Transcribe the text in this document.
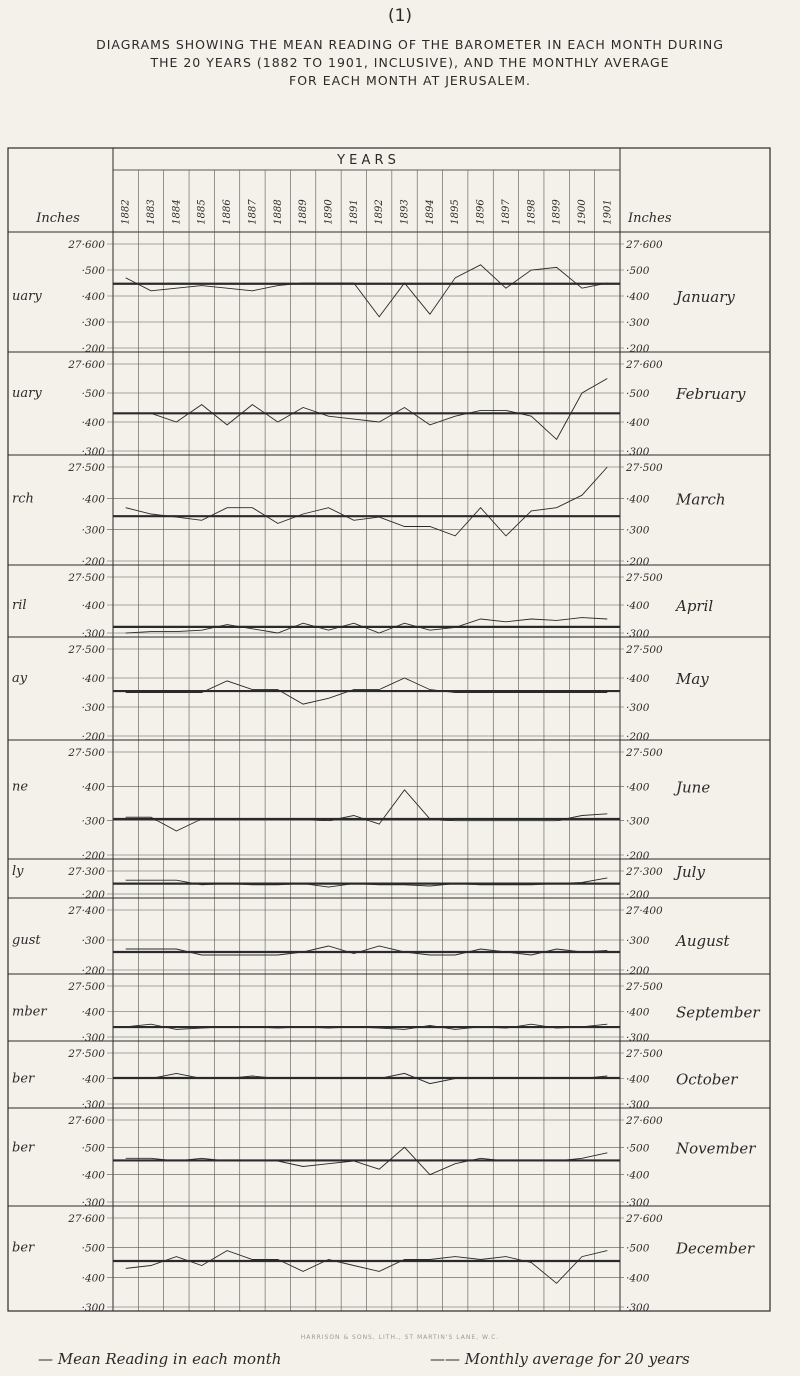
(1)
DIAGRAMS SHOWING THE MEAN READING OF THE BAROMETER IN EACH MONTH DURING
THE 20 YEARS (1882 TO 1901, INCLUSIVE), AND THE MONTHLY AVERAGE
FOR EACH MONTH AT JERUSALEM.
Y E A R S
Inches	Inches
1882 1883 1884 1885 1886 1887 1888 1889 1890 1891 1892 1893 1894 1895 1896 1897 1898 1899 1900 1901
27·600	27·600
·500	·500
·400	·400
·300	·300
·200	·200
uary	January
27·600	27·600
·500	·500
·400	·400
·300	·300
uary	February
27·500	27·500
·400	·400
·300	·300
·200	·200
rch	March
27·500	27·500
·400	·400
·300	·300
ril	April
27·500	27·500
·400	·400
·300	·300
·200	·200
ay	May
27·500	27·500
·400	·400
·300	·300
·200	·200
ne	June
27·300	27·300
·200	·200
ly	July
27·400	27·400
·300	·300
·200	·200
gust	August
27·500	27·500
·400	·400
·300	·300
mber	September
27·500	27·500
·400	·400
·300	·300
ber	October
27·600	27·600
·500	·500
·400	·400
·300	·300
ber	November
27·600	27·600
·500	·500
·400	·400
·300	·300
ber	December
HARRISON & SONS, LITH., ST MARTIN'S LANE, W.C.
— Mean Reading in each month	—— Monthly average for 20 years
